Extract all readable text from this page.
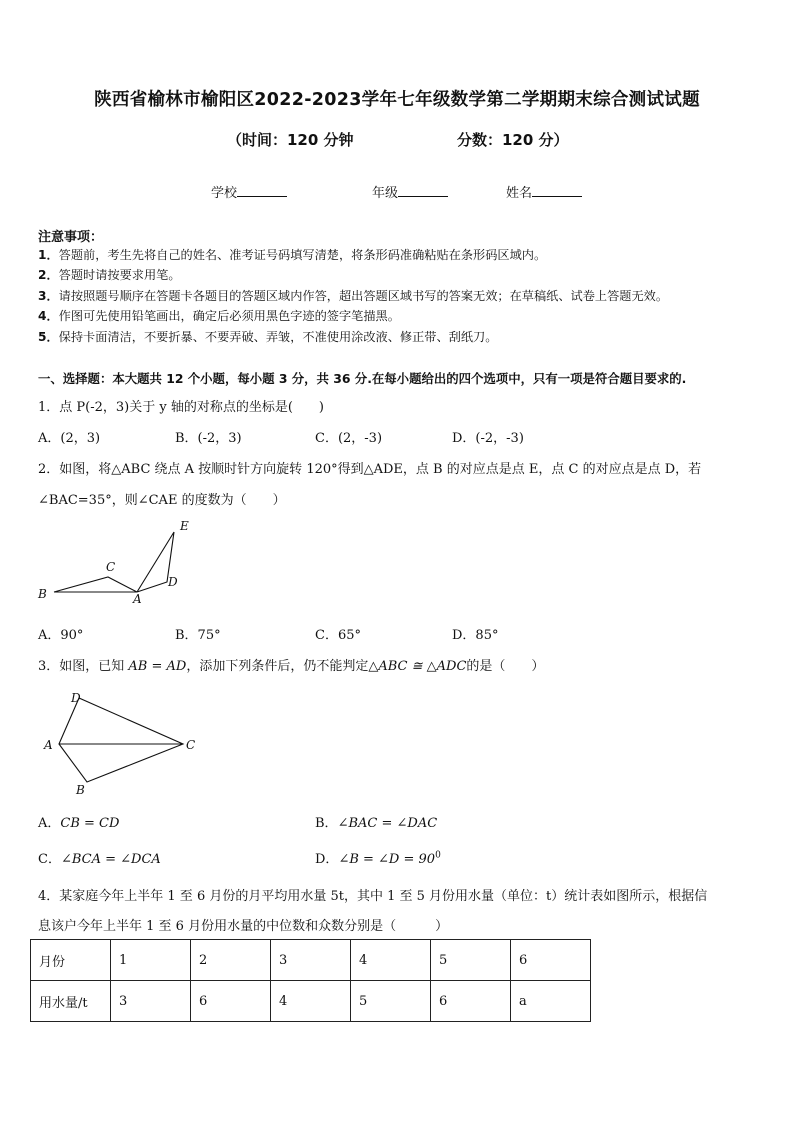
陕西省榆林市榆阳区2022-2023学年七年级数学第二学期期末综合测试试题
（时间：120 分钟	分数：120 分）
学校	年级	姓名
注意事项：
1．答题前，考生先将自己的姓名、准考证号码填写清楚，将条形码准确粘贴在条形码区域内。
2．答题时请按要求用笔。
3．请按照题号顺序在答题卡各题目的答题区域内作答，超出答题区域书写的答案无效；在草稿纸、试卷上答题无效。
4．作图可先使用铅笔画出，确定后必须用黑色字迹的签字笔描黑。
5．保持卡面清洁，不要折暴、不要弄破、弄皱，不准使用涂改液、修正带、刮纸刀。
一、选择题：本大题共 12 个小题，每小题 3 分，共 36 分.在每小题给出的四个选项中，只有一项是符合题目要求的.
1．点 P(-2，3)关于 y 轴的对称点的坐标是(　　)
A．(2，3)	B．(-2，3)	C．(2，-3)	D．(-2，-3)
2．如图，将△ABC 绕点 A 按顺时针方向旋转 120°得到△ADE，点 B 的对应点是点 E，点 C 的对应点是点 D，若
∠BAC=35°，则∠CAE 的度数为（　　）
B
C
A
D
E
A．90°	B．75°	C．65°	D．85°
3．如图，已知 AB = AD，添加下列条件后，仍不能判定△ABC ≅ △ADC的是（　　）
D
A	C
B
A．CB = CD	B．∠BAC = ∠DAC
C．∠BCA = ∠DCA	D．∠B = ∠D = $90^0$
4．某家庭今年上半年 1 至 6 月份的月平均用水量 5t，其中 1 至 5 月份用水量（单位：t）统计表如图所示，根据信
息该户今年上半年 1 至 6 月份用水量的中位数和众数分别是（　　　）
月份	1	2	3	4	5	6
用水量/t	3	6	4	5	6	a
